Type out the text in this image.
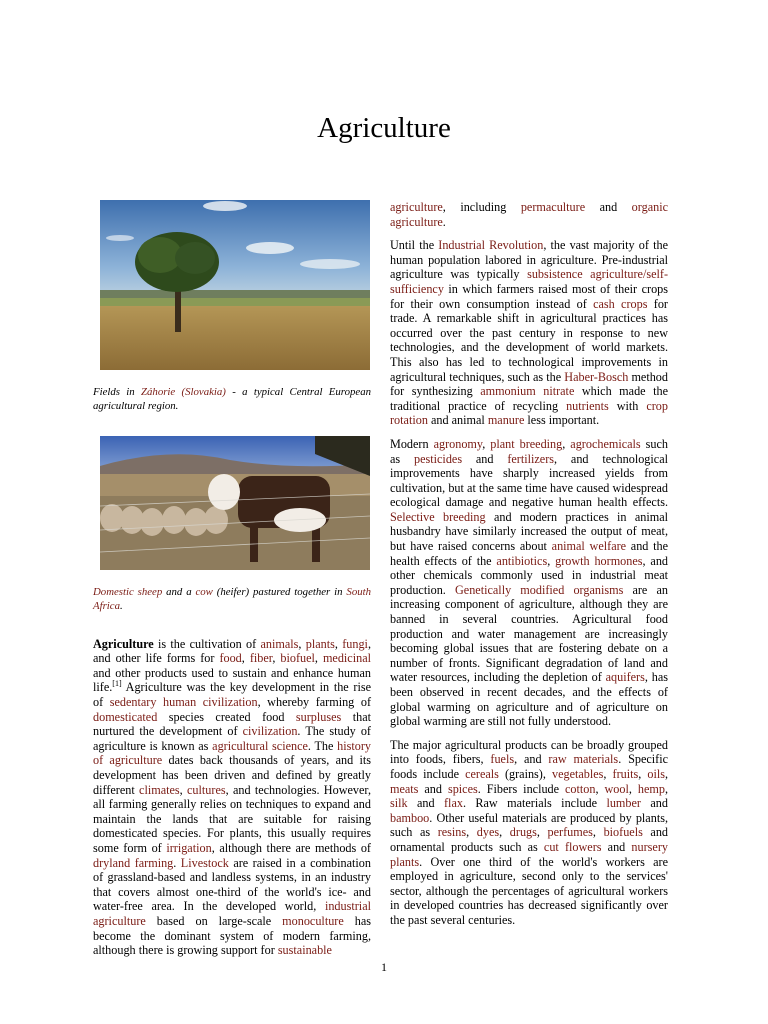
Agriculture

Fields in Záhorie (Slovakia) - a typical Central European agricultural region.

Domestic sheep and a cow (heifer) pastured together in South Africa.

Agriculture is the cultivation of animals, plants, fungi, and other life forms for food, fiber, biofuel, medicinal and other products used to sustain and enhance human life.[1] Agriculture was the key development in the rise of sedentary human civilization, whereby farming of domesticated species created food surpluses that nurtured the development of civilization. The study of agriculture is known as agricultural science. The history of agriculture dates back thousands of years, and its development has been driven and defined by greatly different climates, cultures, and technologies. However, all farming generally relies on techniques to expand and maintain the lands that are suitable for raising domesticated species. For plants, this usually requires some form of irrigation, although there are methods of dryland farming. Livestock are raised in a combination of grassland-based and landless systems, in an industry that covers almost one-third of the world's ice- and water-free area. In the developed world, industrial agriculture based on large-scale monoculture has become the dominant system of modern farming, although there is growing support for sustainable

agriculture, including permaculture and organic agriculture.

Until the Industrial Revolution, the vast majority of the human population labored in agriculture. Pre-industrial agriculture was typically subsistence agriculture/self-sufficiency in which farmers raised most of their crops for their own consumption instead of cash crops for trade. A remarkable shift in agricultural practices has occurred over the past century in response to new technologies, and the development of world markets. This also has led to technological improvements in agricultural techniques, such as the Haber-Bosch method for synthesizing ammonium nitrate which made the traditional practice of recycling nutrients with crop rotation and animal manure less important.

Modern agronomy, plant breeding, agrochemicals such as pesticides and fertilizers, and technological improvements have sharply increased yields from cultivation, but at the same time have caused widespread ecological damage and negative human health effects. Selective breeding and modern practices in animal husbandry have similarly increased the output of meat, but have raised concerns about animal welfare and the health effects of the antibiotics, growth hormones, and other chemicals commonly used in industrial meat production. Genetically modified organisms are an increasing component of agriculture, although they are banned in several countries. Agricultural food production and water management are increasingly becoming global issues that are fostering debate on a number of fronts. Significant degradation of land and water resources, including the depletion of aquifers, has been observed in recent decades, and the effects of global warming on agriculture and of agriculture on global warming are still not fully understood.

The major agricultural products can be broadly grouped into foods, fibers, fuels, and raw materials. Specific foods include cereals (grains), vegetables, fruits, oils, meats and spices. Fibers include cotton, wool, hemp, silk and flax. Raw materials include lumber and bamboo. Other useful materials are produced by plants, such as resins, dyes, drugs, perfumes, biofuels and ornamental products such as cut flowers and nursery plants. Over one third of the world's workers are employed in agriculture, second only to the services' sector, although the percentages of agricultural workers in developed countries has decreased significantly over the past several centuries.

1
